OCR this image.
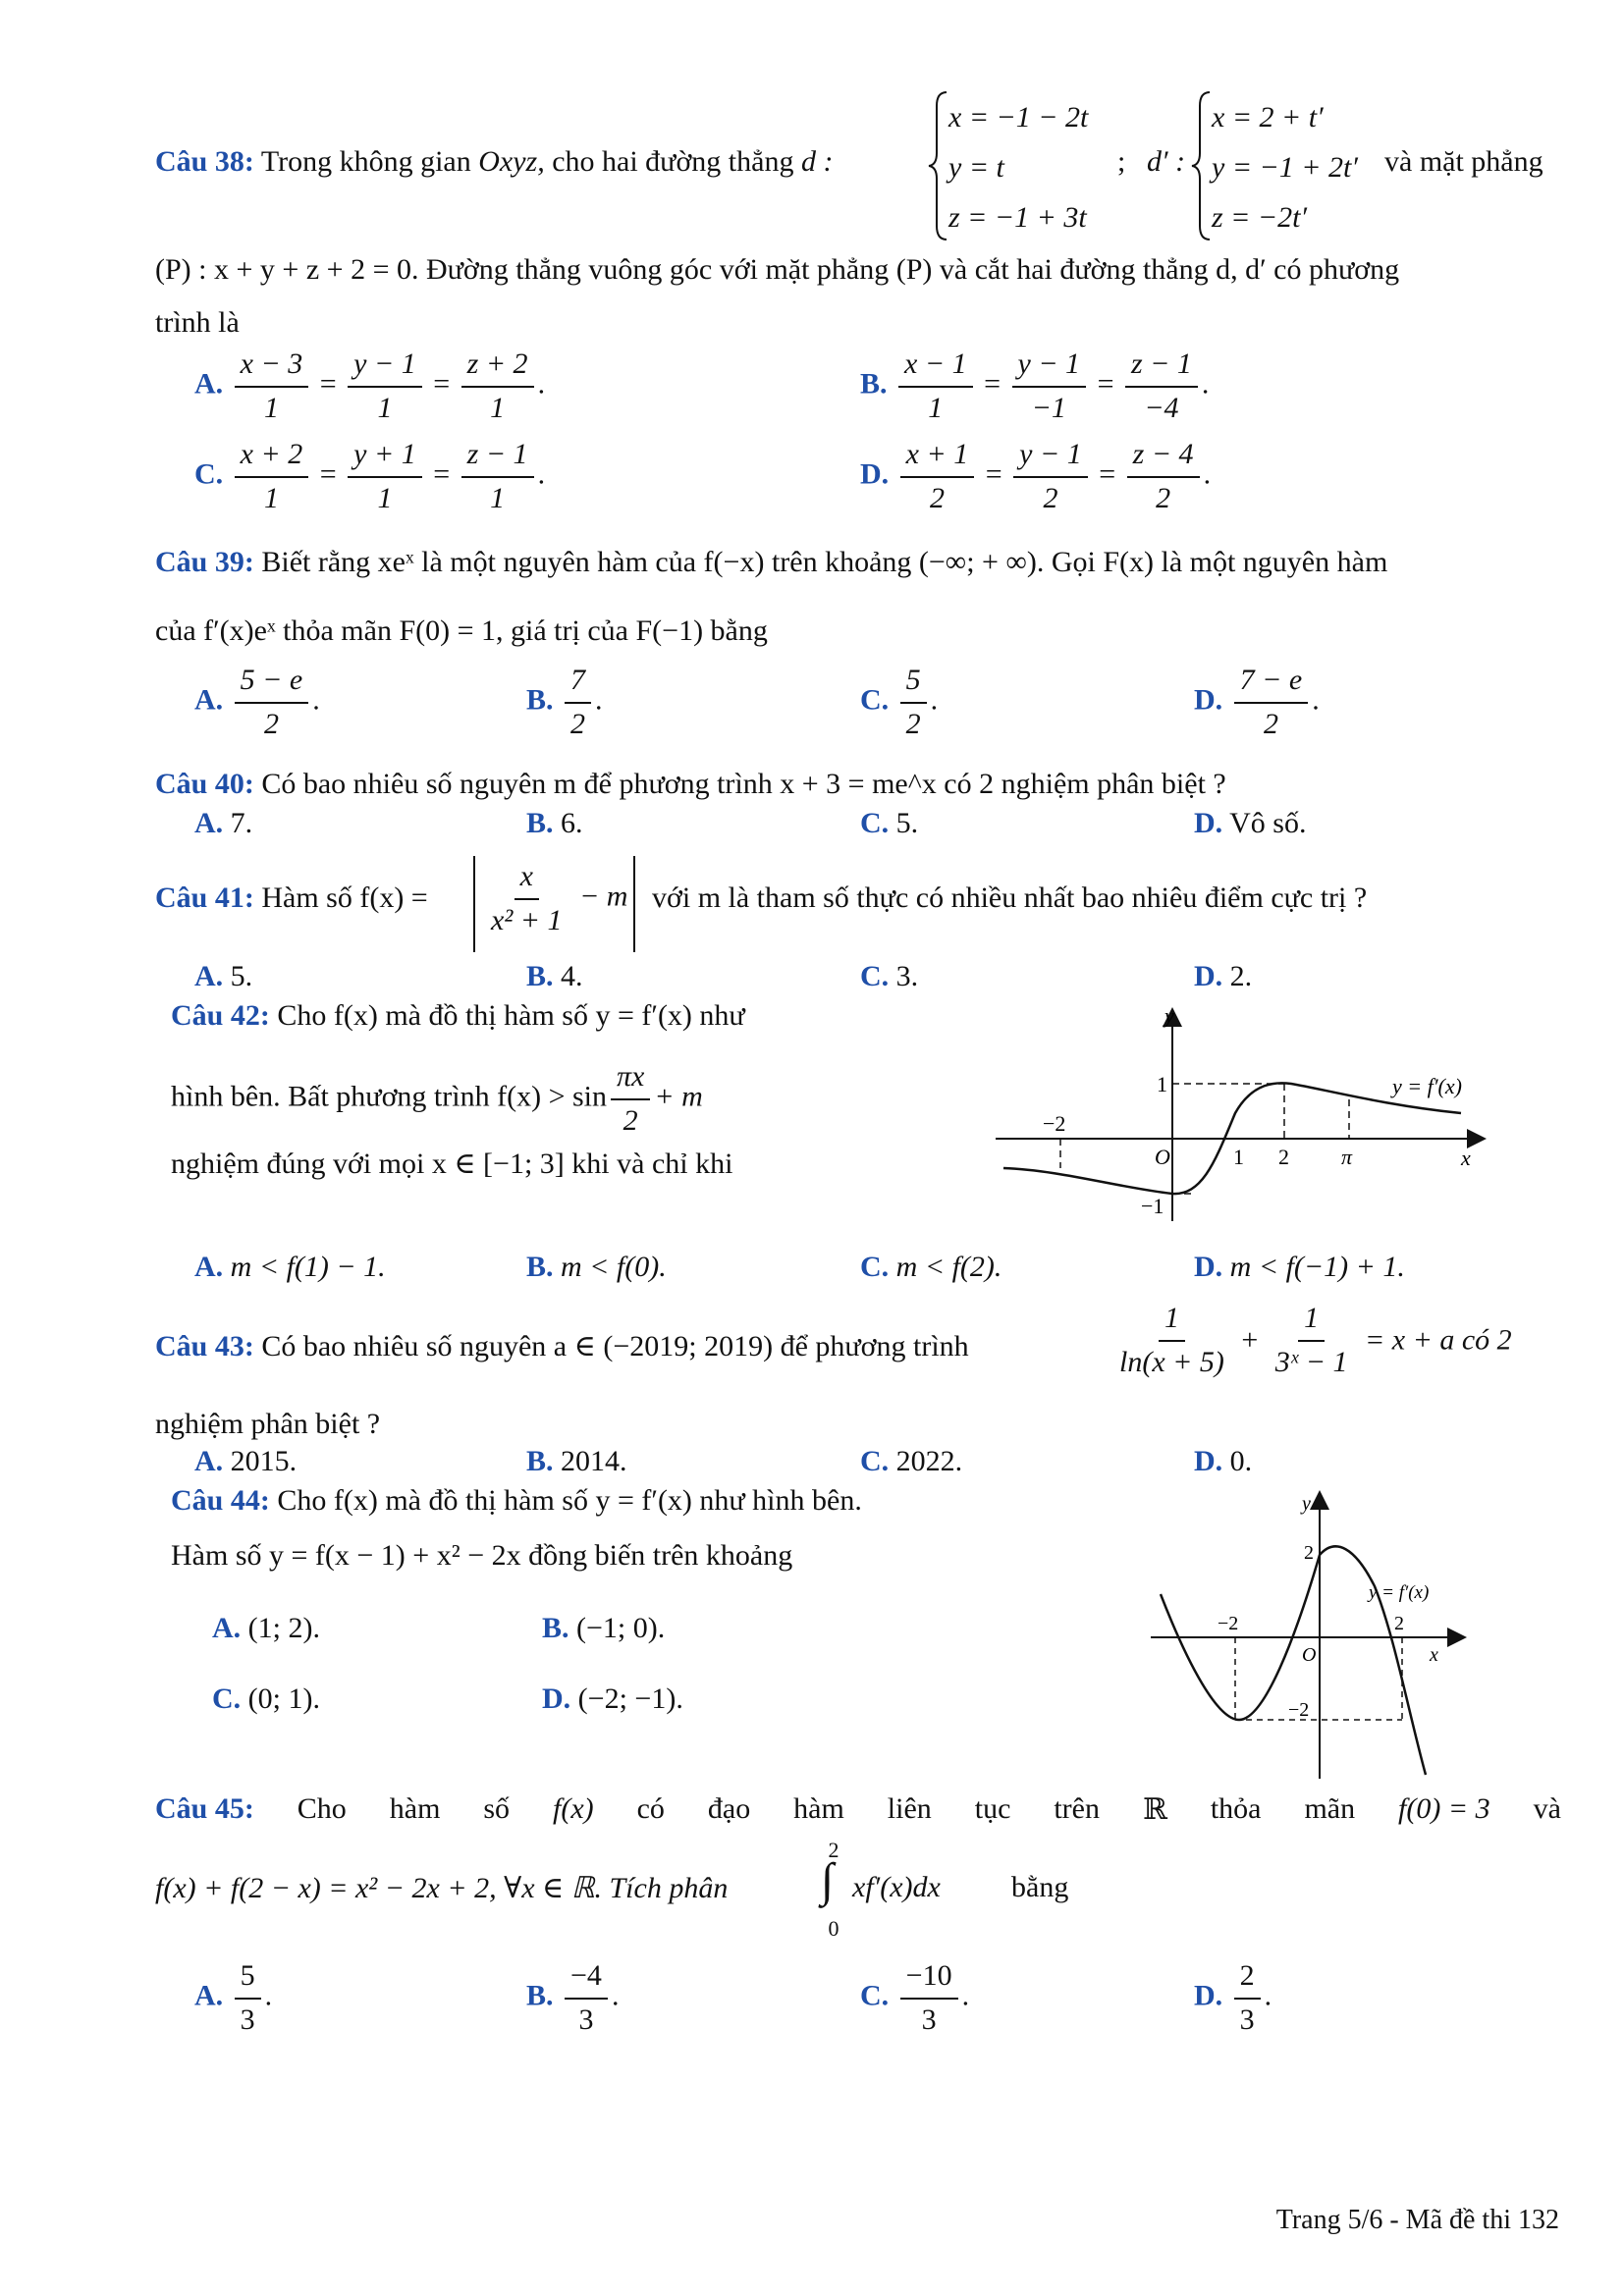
Câu 38: Trong không gian Oxyz, cho hai đường thẳng d :
x = −1 − 2t
y = t
z = −1 + 3t
; d′ :
x = 2 + t′
y = −1 + 2t′
z = −2t′
và mặt phẳng
(P) : x + y + z + 2 = 0. Đường thẳng vuông góc với mặt phẳng (P) và cắt hai đường thẳng d, d′ có phương
trình là
A. $\frac{x - 3}{1} = \frac{y - 1}{1} = \frac{z + 2}{1}$ .	B. $\frac{x - 1}{1} = \frac{y - 1}{-1} = \frac{z - 1}{-4}$ .
C. $\frac{x + 2}{1} = \frac{y + 1}{1} = \frac{z - 1}{1}$ .	D. $\frac{x + 1}{2} = \frac{y - 1}{2} = \frac{z - 4}{2}$ .
Câu 39: Biết rằng xeˣ là một nguyên hàm của f(−x) trên khoảng (−∞; + ∞). Gọi F(x) là một nguyên hàm
của f′(x)eˣ thỏa mãn F(0) = 1, giá trị của F(−1) bằng
A. $\frac{5 - e}{2}$ .	B. $\frac{7}{2}$ .	C. $\frac{5}{2}$ .	D. $\frac{7 - e}{2}$ .
Câu 40: Có bao nhiêu số nguyên m để phương trình x + 3 = me^x có 2 nghiệm phân biệt ?
A. 7.	B. 6.	C. 5.	D. Vô số.
Câu 41: Hàm số $f(x) = \frac{x}{\text{x² + 1}} - m$ với m là tham số thực có nhiều nhất bao nhiêu điểm cực trị ?
A. 5.	B. 4.	C. 3.	D. 2.
Câu 42: Cho f(x) mà đồ thị hàm số y = f′(x) như
hình bên. Bất phương trình $f(x) > \sin \frac{\pi x}{2} + m$
nghiệm đúng với mọi x ∈ [−1; 3] khi và chỉ khi
y
x
O
y = f′(x)
−2
1 2 π
1
−1
A. m < f(1) − 1.	B. m < f(0).	C. m < f(2).	D. m < f(−1) + 1.
Câu 43: Có bao nhiêu số nguyên a ∈ (−2019; 2019) để phương trình	$\frac{1}{\ln(x + 5)} + \frac{1}{\text{3ˣ − 1}} = x + a$ có 2
nghiệm phân biệt ?
A. 2015.	B. 2014.	C. 2022.	D. 0.
Câu 44: Cho f(x) mà đồ thị hàm số y = f′(x) như hình bên.
Hàm số y = f(x − 1) + x² − 2x đồng biến trên khoảng
A. (1; 2).	B. (−1; 0).
C. (0; 1).	D. (−2; −1).
y
x
O
y = f′(x)
−2	2
2
−2
Câu 45: Cho hàm số f(x) có đạo hàm liên tục trên ℝ thỏa mãn f(0) = 3 và
f(x) + f(2 − x) = x² − 2x + 2, ∀x ∈ ℝ. Tích phân
2
∫
0
xf′(x)dx bằng
A. $\frac{5}{3}$ .	B. $\frac{-4}{3}$ .	C. $\frac{-10}{3}$ .	D. $\frac{2}{3}$ .
Trang 5/6 - Mã đề thi 132
